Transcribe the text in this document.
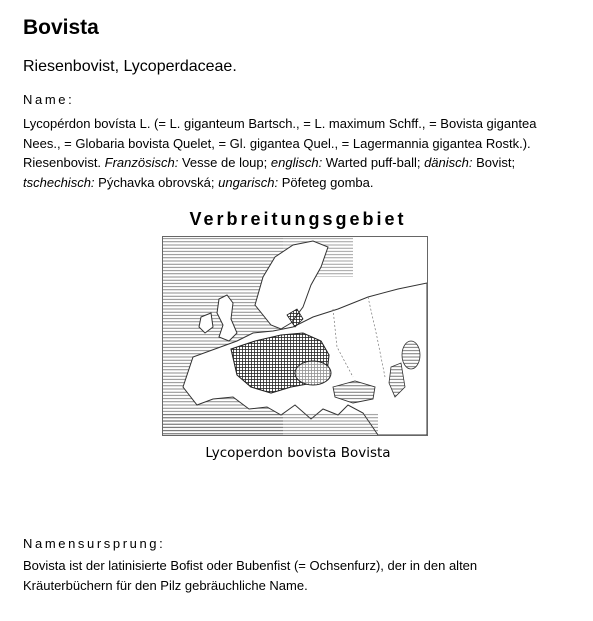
Bovista
Riesenbovist, Lycoperdaceae.
Name:
Lycopérdon bovísta L. (= L. giganteum Bartsch., = L. maximum Schff., = Bovista gigantea Nees., = Globaria bovista Quelet, = Gl. gigantea Quel., = Lagermannia gigantea Rostk.). Riesenbovist. Französisch: Vesse de loup; englisch: Warted puff-ball; dänisch: Bovist; tschechisch: Pýchavka obrovská; ungarisch: Pöfeteg gomba.
Verbreitungsgebiet
Lycoperdon bovista Bovista
Namensursprung:
Bovista ist der latinisierte Bofist oder Bubenfist (= Ochsenfurz), der in den alten Kräuterbüchern für den Pilz gebräuchliche Name.
